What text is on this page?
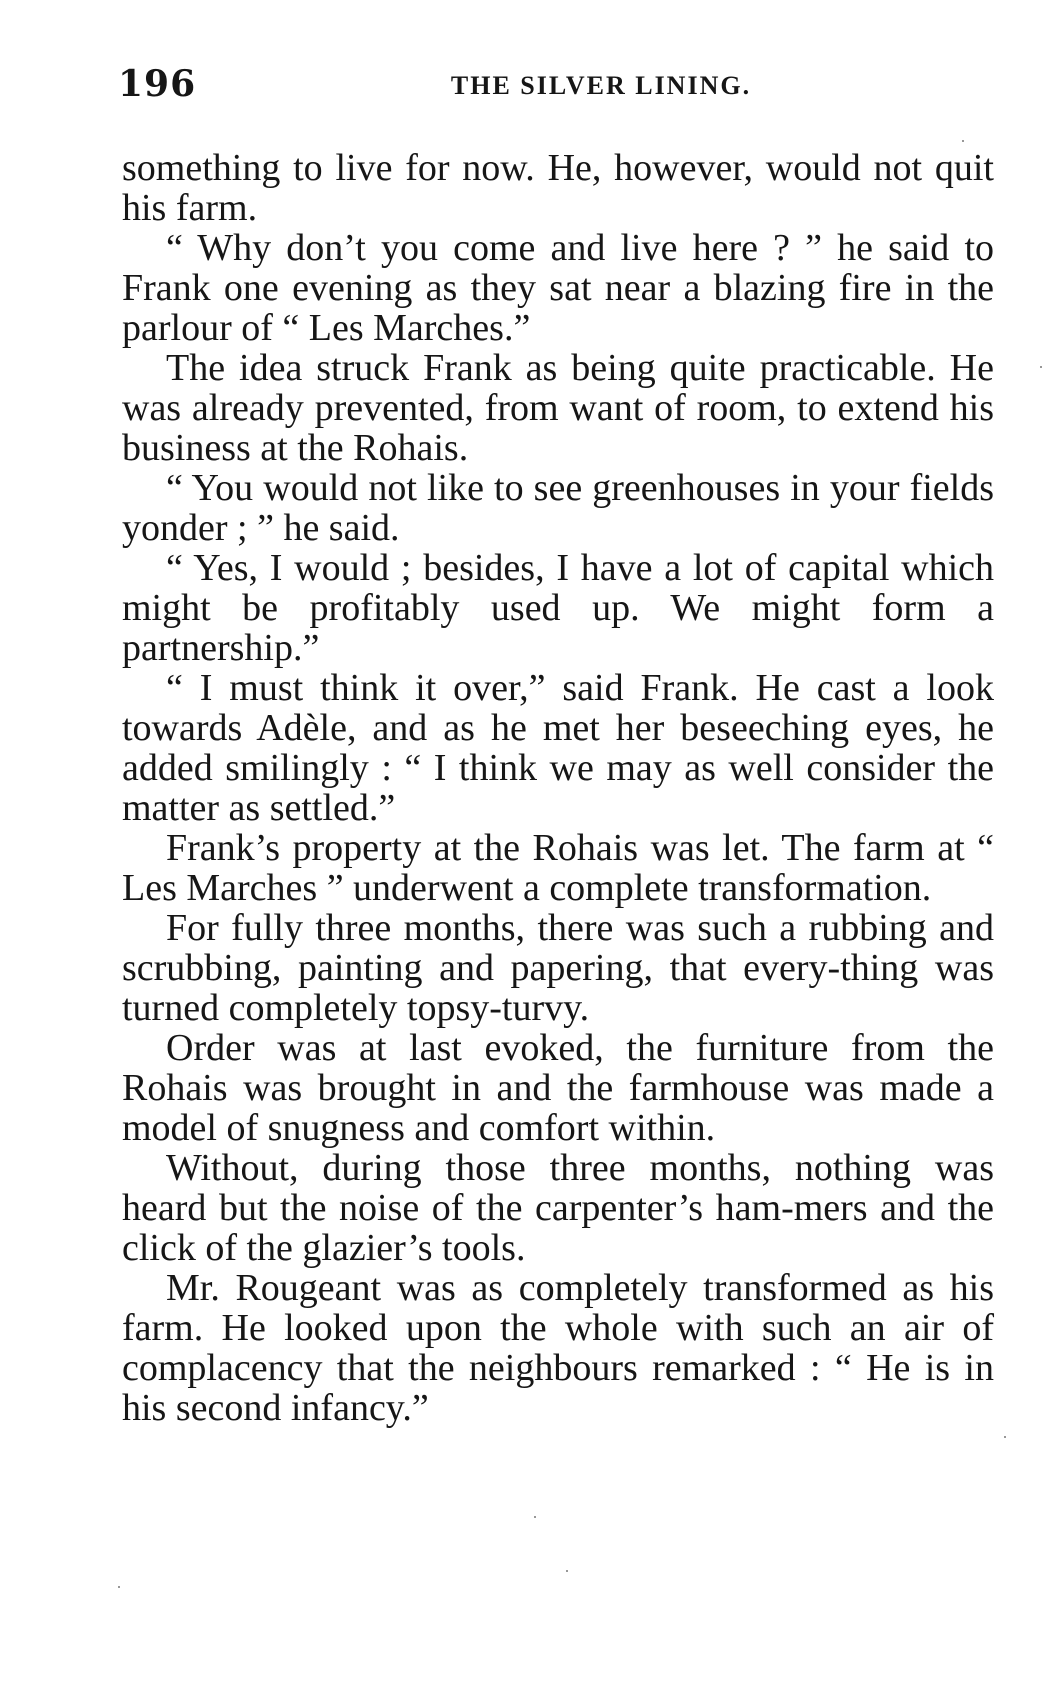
196	THE SILVER LINING.

something to live for now. He, however, would not quit his farm.

“ Why don’t you come and live here ? ” he said to Frank one evening as they sat near a blazing fire in the parlour of “ Les Marches.”

The idea struck Frank as being quite practicable. He was already prevented, from want of room, to extend his business at the Rohais.

“ You would not like to see greenhouses in your fields yonder ; ” he said.

“ Yes, I would ; besides, I have a lot of capital which might be profitably used up. We might form a partnership.”

“ I must think it over,” said Frank. He cast a look towards Adèle, and as he met her beseeching eyes, he added smilingly : “ I think we may as well consider the matter as settled.”

Frank’s property at the Rohais was let. The farm at “ Les Marches ” underwent a complete transformation.

For fully three months, there was such a rubbing and scrubbing, painting and papering, that every-thing was turned completely topsy-turvy.

Order was at last evoked, the furniture from the Rohais was brought in and the farmhouse was made a model of snugness and comfort within.

Without, during those three months, nothing was heard but the noise of the carpenter’s ham-mers and the click of the glazier’s tools.

Mr. Rougeant was as completely transformed as his farm. He looked upon the whole with such an air of complacency that the neighbours remarked : “ He is in his second infancy.”
